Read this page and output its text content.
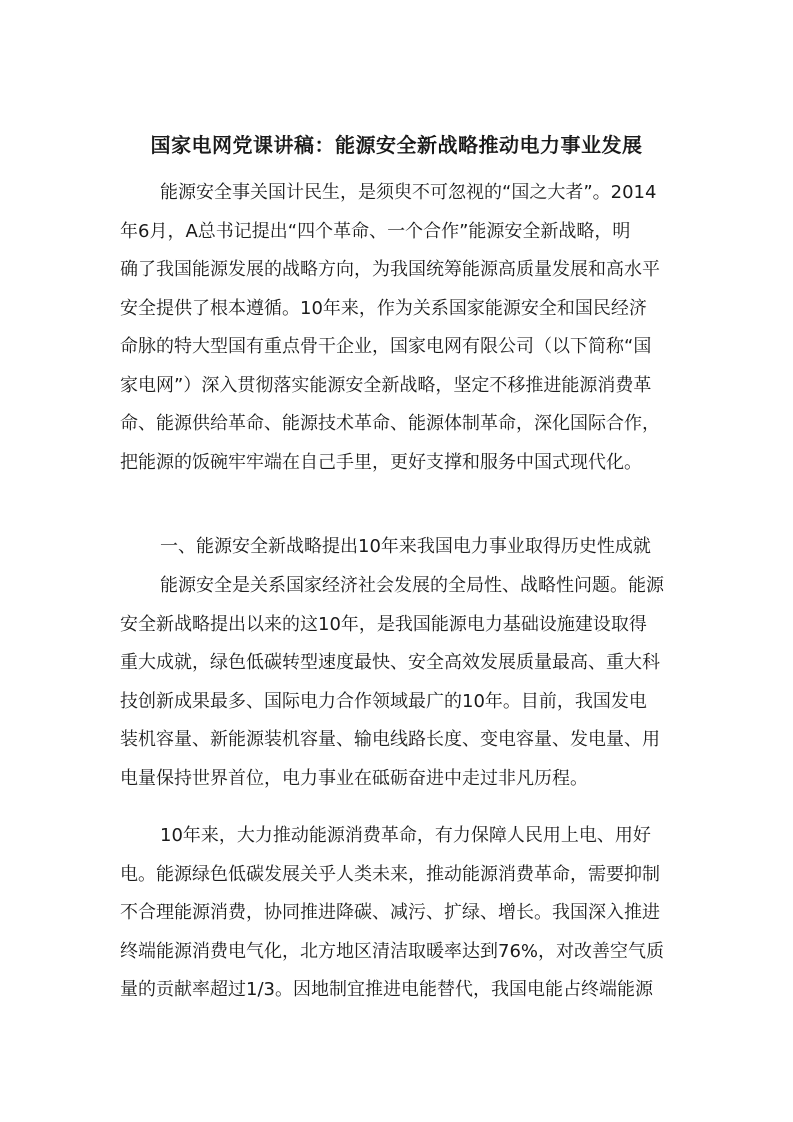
国家电网党课讲稿：能源安全新战略推动电力事业发展

能源安全事关国计民生，是须臾不可忽视的“国之大者”。2014
年6月，A总书记提出“四个革命、一个合作”能源安全新战略，明
确了我国能源发展的战略方向，为我国统筹能源高质量发展和高水平
安全提供了根本遵循。10年来，作为关系国家能源安全和国民经济
命脉的特大型国有重点骨干企业，国家电网有限公司（以下简称“国
家电网”）深入贯彻落实能源安全新战略，坚定不移推进能源消费革
命、能源供给革命、能源技术革命、能源体制革命，深化国际合作，
把能源的饭碗牢牢端在自己手里，更好支撑和服务中国式现代化。

一、能源安全新战略提出10年来我国电力事业取得历史性成就

能源安全是关系国家经济社会发展的全局性、战略性问题。能源
安全新战略提出以来的这10年，是我国能源电力基础设施建设取得
重大成就，绿色低碳转型速度最快、安全高效发展质量最高、重大科
技创新成果最多、国际电力合作领域最广的10年。目前，我国发电
装机容量、新能源装机容量、输电线路长度、变电容量、发电量、用
电量保持世界首位，电力事业在砥砺奋进中走过非凡历程。

10年来，大力推动能源消费革命，有力保障人民用上电、用好
电。能源绿色低碳发展关乎人类未来，推动能源消费革命，需要抑制
不合理能源消费，协同推进降碳、减污、扩绿、增长。我国深入推进
终端能源消费电气化，北方地区清洁取暖率达到76%，对改善空气质
量的贡献率超过1/3。因地制宜推进电能替代，我国电能占终端能源
